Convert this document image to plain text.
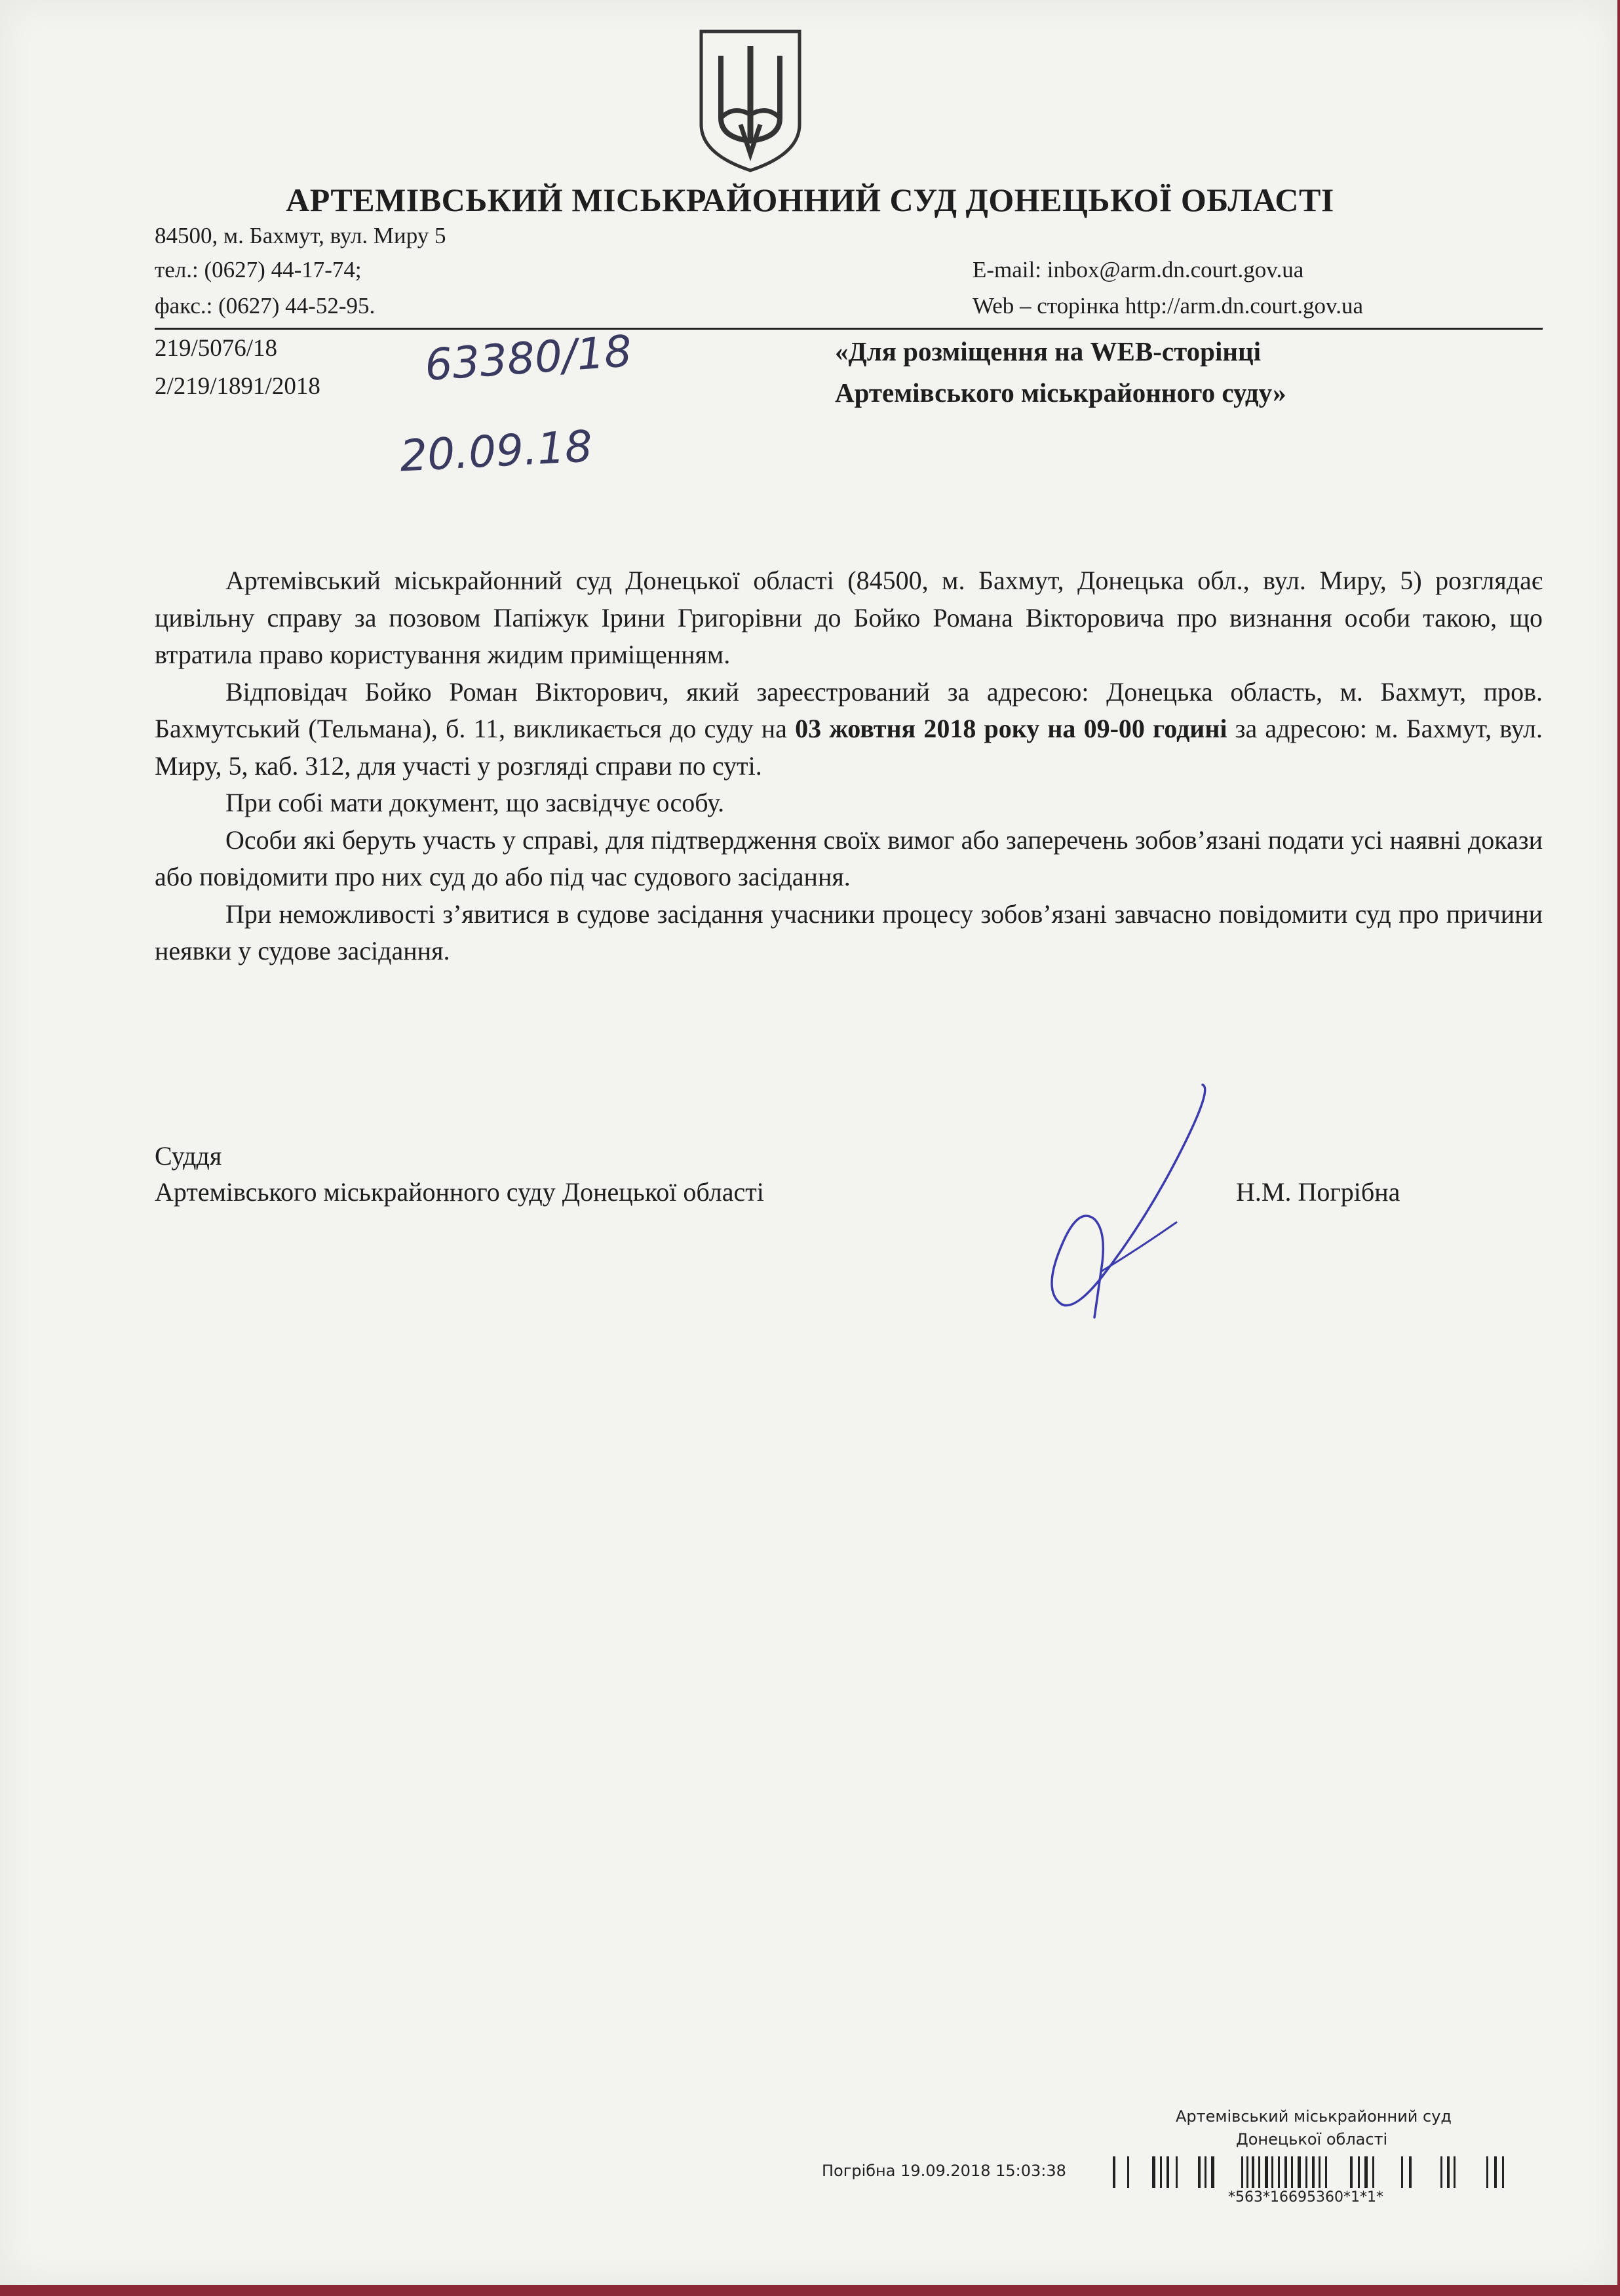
АРТЕМІВСЬКИЙ МІСЬКРАЙОННИЙ СУД ДОНЕЦЬКОЇ ОБЛАСТІ
84500, м. Бахмут, вул. Миру 5
тел.: (0627) 44-17-74;
факс.: (0627) 44-52-95.
E-mail: inbox@arm.dn.court.gov.ua
Web – сторінка http://arm.dn.court.gov.ua
219/5076/18
2/219/1891/2018 63380/18
20.09.18
«Для розміщення на WEB-сторінці
Артемівського міськрайонного суду»

Артемівський міськрайонний суд Донецької області (84500, м. Бахмут, Донецька обл., вул. Миру, 5) розглядає цивільну справу за позовом Папіжук Ірини Григорівни до Бойко Романа Вікторовича про визнання особи такою, що втратила право користування жидим приміщенням.

Відповідач Бойко Роман Вікторович, який зареєстрований за адресою: Донецька область, м. Бахмут, пров. Бахмутський (Тельмана), б. 11, викликається до суду на 03 жовтня 2018 року на 09-00 годині за адресою: м. Бахмут, вул. Миру, 5, каб. 312, для участі у розгляді справи по суті.

При собі мати документ, що засвідчує особу.

Особи які беруть участь у справі, для підтвердження своїх вимог або заперечень зобов’язані подати усі наявні докази або повідомити про них суд до або під час судового засідання.

При неможливості з’явитися в судове засідання учасники процесу зобов’язані завчасно повідомити суд про причини неявки у судове засідання.

Суддя
Артемівського міськрайонного суду Донецької області	Н.М. Погрібна
Артемівський міськрайонний суд
Донецької області
Погрібна 19.09.2018 15:03:38
*563*16695360*1*1*
